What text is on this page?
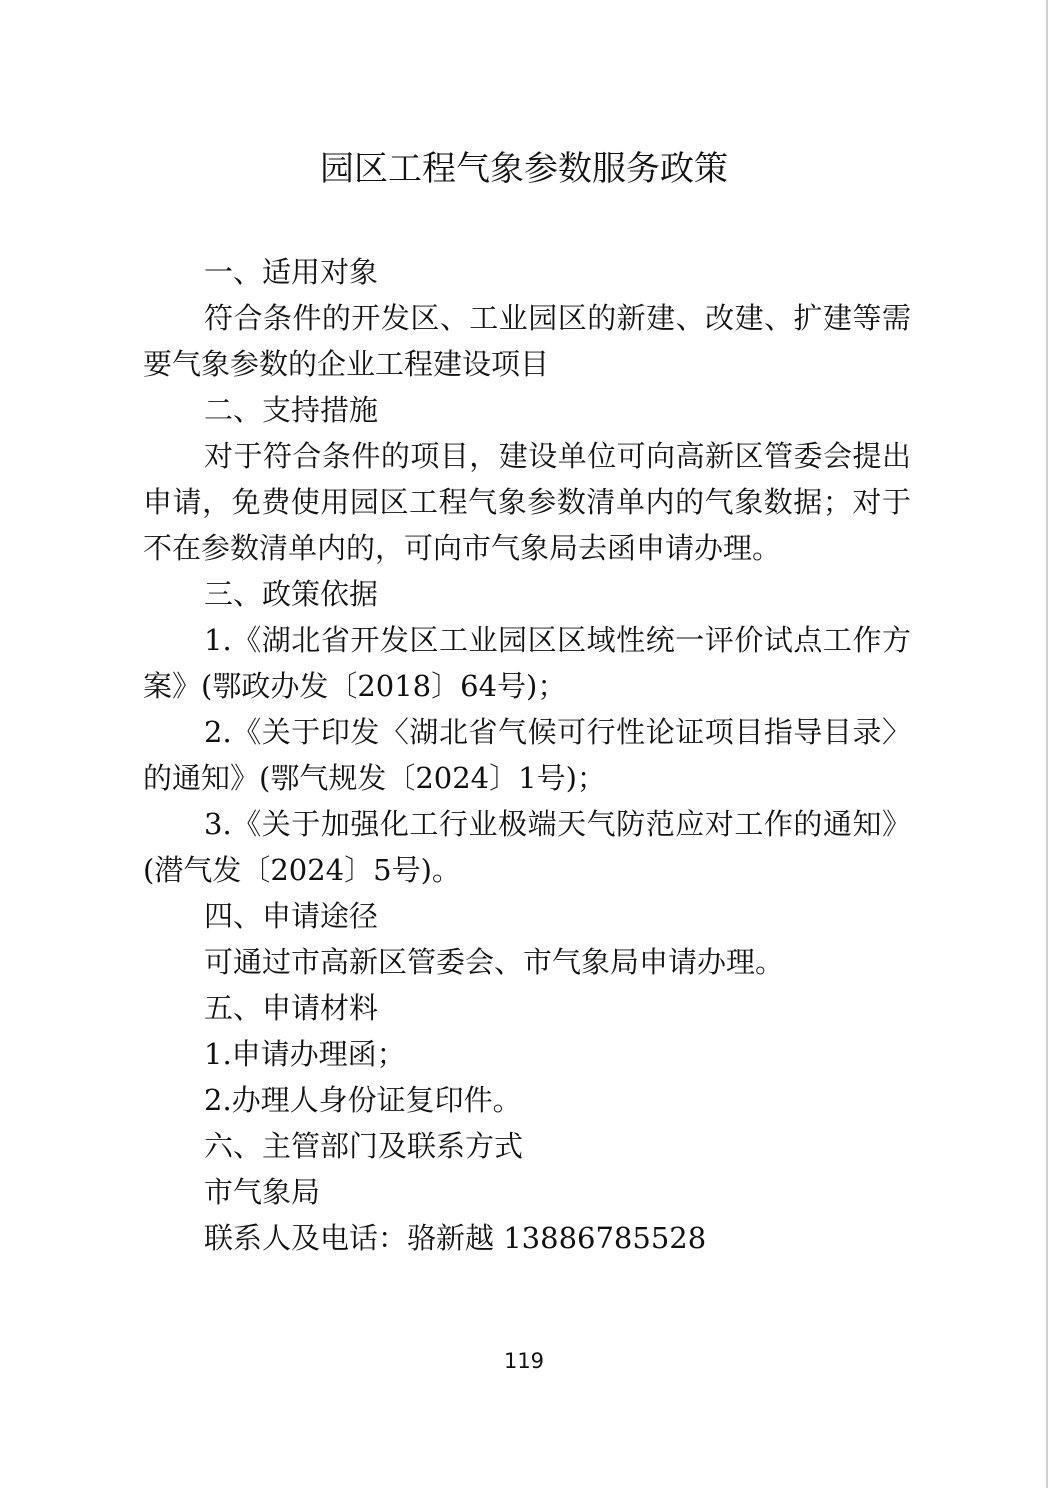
园区工程气象参数服务政策

一、适用对象

符合条件的开发区、工业园区的新建、改建、扩建等需要气象参数的企业工程建设项目

二、支持措施

对于符合条件的项目，建设单位可向高新区管委会提出申请，免费使用园区工程气象参数清单内的气象数据；对于不在参数清单内的，可向市气象局去函申请办理。

三、政策依据

1.《湖北省开发区工业园区区域性统一评价试点工作方案》(鄂政办发〔2018〕64号)；

2.《关于印发〈湖北省气候可行性论证项目指导目录〉的通知》(鄂气规发〔2024〕1号)；

3.《关于加强化工行业极端天气防范应对工作的通知》(潜气发〔2024〕5号)。

四、申请途径

可通过市高新区管委会、市气象局申请办理。

五、申请材料

1.申请办理函；

2.办理人身份证复印件。

六、主管部门及联系方式

市气象局

联系人及电话：骆新越 13886785528

119
